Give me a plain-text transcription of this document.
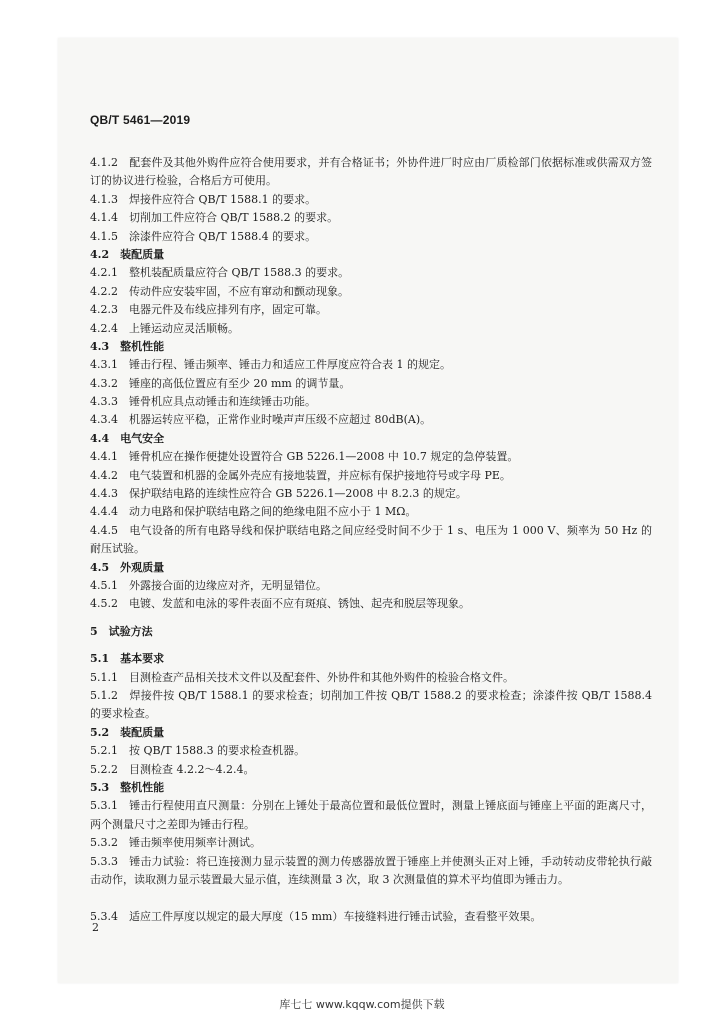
QB/T 5461—2019
4.1.2　配套件及其他外购件应符合使用要求，并有合格证书；外协件进厂时应由厂质检部门依据标准或供需双方签订的协议进行检验，合格后方可使用。
4.1.3　焊接件应符合 QB/T 1588.1 的要求。
4.1.4　切削加工件应符合 QB/T 1588.2 的要求。
4.1.5　涂漆件应符合 QB/T 1588.4 的要求。
4.2　装配质量
4.2.1　整机装配质量应符合 QB/T 1588.3 的要求。
4.2.2　传动件应安装牢固，不应有窜动和颤动现象。
4.2.3　电器元件及布线应排列有序，固定可靠。
4.2.4　上锤运动应灵活顺畅。
4.3　整机性能
4.3.1　锤击行程、锤击频率、锤击力和适应工件厚度应符合表 1 的规定。
4.3.2　锤座的高低位置应有至少 20 mm 的调节量。
4.3.3　锤骨机应具点动锤击和连续锤击功能。
4.3.4　机器运转应平稳，正常作业时噪声声压级不应超过 80dB(A)。
4.4　电气安全
4.4.1　锤骨机应在操作便捷处设置符合 GB 5226.1—2008 中 10.7 规定的急停装置。
4.4.2　电气装置和机器的金属外壳应有接地装置，并应标有保护接地符号或字母 PE。
4.4.3　保护联结电路的连续性应符合 GB 5226.1—2008 中 8.2.3 的规定。
4.4.4　动力电路和保护联结电路之间的绝缘电阻不应小于 1 MΩ。
4.4.5　电气设备的所有电路导线和保护联结电路之间应经受时间不少于 1 s、电压为 1 000 V、频率为 50 Hz 的耐压试验。
4.5　外观质量
4.5.1　外露接合面的边缘应对齐，无明显错位。
4.5.2　电镀、发蓝和电泳的零件表面不应有斑痕、锈蚀、起壳和脱层等现象。
5　试验方法
5.1　基本要求
5.1.1　目测检查产品相关技术文件以及配套件、外协件和其他外购件的检验合格文件。
5.1.2　焊接件按 QB/T 1588.1 的要求检查；切削加工件按 QB/T 1588.2 的要求检查；涂漆件按 QB/T 1588.4 的要求检查。
5.2　装配质量
5.2.1　按 QB/T 1588.3 的要求检查机器。
5.2.2　目测检查 4.2.2～4.2.4。
5.3　整机性能
5.3.1　锤击行程使用直尺测量：分别在上锤处于最高位置和最低位置时，测量上锤底面与锤座上平面的距离尺寸，两个测量尺寸之差即为锤击行程。
5.3.2　锤击频率使用频率计测试。
5.3.3　锤击力试验：将已连接测力显示装置的测力传感器放置于锤座上并使测头正对上锤，手动转动皮带轮执行敲击动作，读取测力显示装置最大显示值，连续测量 3 次，取 3 次测量值的算术平均值即为锤击力。
5.3.4　适应工件厚度以规定的最大厚度（15 mm）车接缝料进行锤击试验，查看整平效果。
2
库七七 www.kqqw.com提供下载
